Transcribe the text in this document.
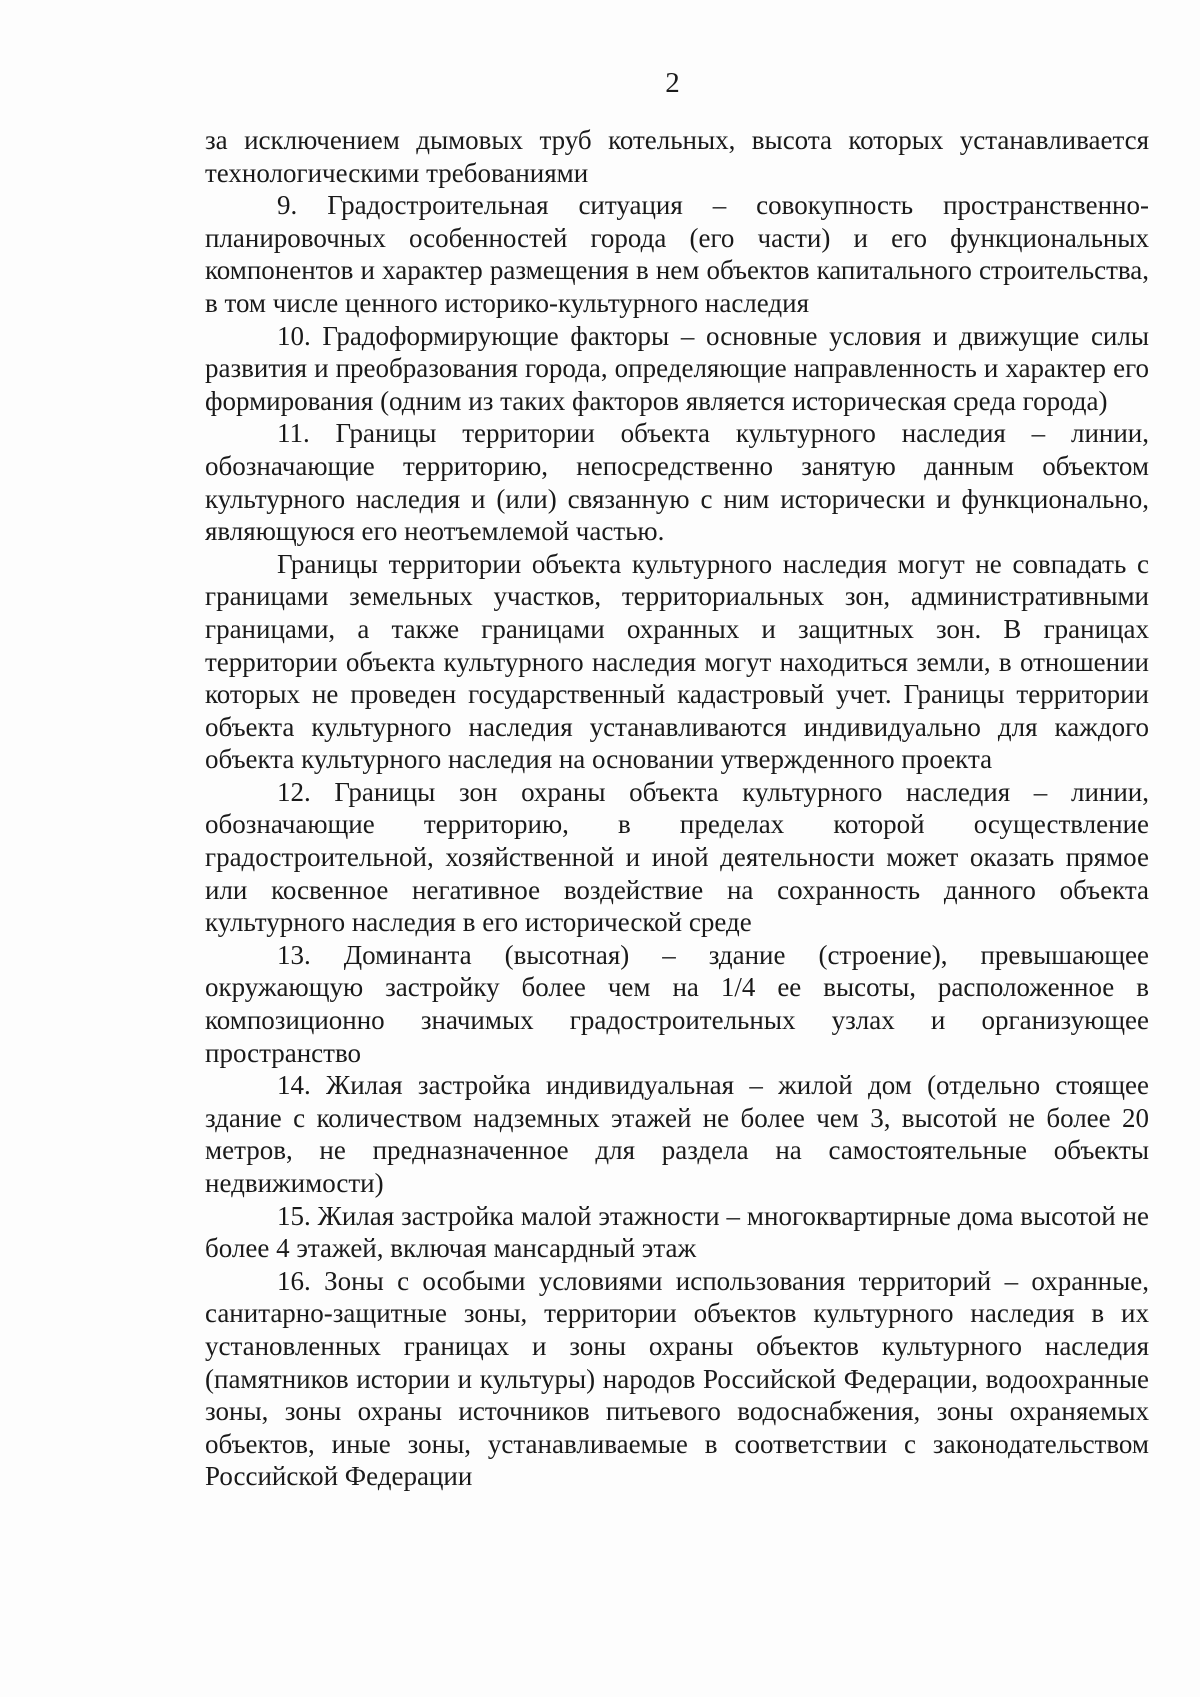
2

за исключением дымовых труб котельных, высота которых устанавливается технологическими требованиями

9. Градостроительная ситуация – совокупность пространственно-планировочных особенностей города (его части) и его функциональных компонентов и характер размещения в нем объектов капитального строительства, в том числе ценного историко-культурного наследия

10. Градоформирующие факторы – основные условия и движущие силы развития и преобразования города, определяющие направленность и характер его формирования (одним из таких факторов является историческая среда города)

11. Границы территории объекта культурного наследия – линии, обозначающие территорию, непосредственно занятую данным объектом культурного наследия и (или) связанную с ним исторически и функционально, являющуюся его неотъемлемой частью.

Границы территории объекта культурного наследия могут не совпадать с границами земельных участков, территориальных зон, административными границами, а также границами охранных и защитных зон. В границах территории объекта культурного наследия могут находиться земли, в отношении которых не проведен государственный кадастровый учет. Границы территории объекта культурного наследия устанавливаются индивидуально для каждого объекта культурного наследия на основании утвержденного проекта

12. Границы зон охраны объекта культурного наследия – линии, обозначающие территорию, в пределах которой осуществление градостроительной, хозяйственной и иной деятельности может оказать прямое или косвенное негативное воздействие на сохранность данного объекта культурного наследия в его исторической среде

13. Доминанта (высотная) – здание (строение), превышающее окружающую застройку более чем на 1/4 ее высоты, расположенное в композиционно значимых градостроительных узлах и организующее пространство

14. Жилая застройка индивидуальная – жилой дом (отдельно стоящее здание с количеством надземных этажей не более чем 3, высотой не более 20 метров, не предназначенное для раздела на самостоятельные объекты недвижимости)

15. Жилая застройка малой этажности – многоквартирные дома высотой не более 4 этажей, включая мансардный этаж

16. Зоны с особыми условиями использования территорий – охранные, санитарно-защитные зоны, территории объектов культурного наследия в их установленных границах и зоны охраны объектов культурного наследия (памятников истории и культуры) народов Российской Федерации, водоохранные зоны, зоны охраны источников питьевого водоснабжения, зоны охраняемых объектов, иные зоны, устанавливаемые в соответствии с законодательством Российской Федерации
